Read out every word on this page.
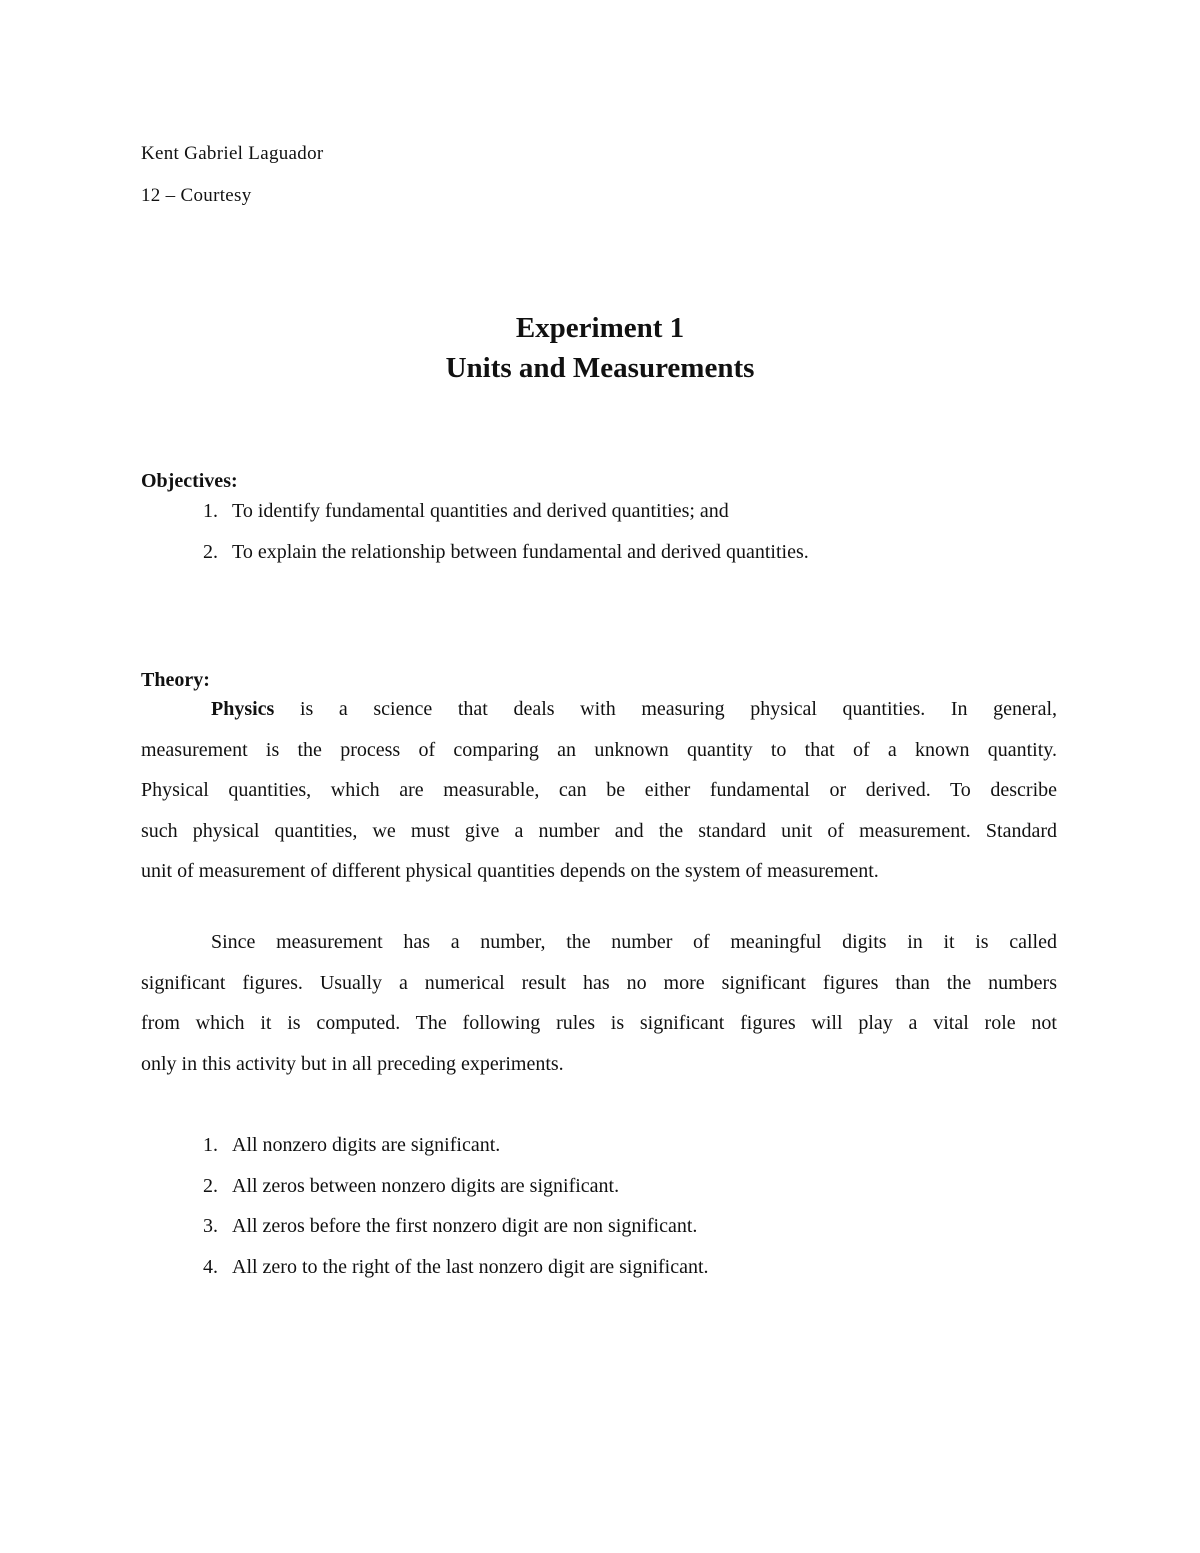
Kent Gabriel Laguador
12 – Courtesy
Experiment 1
Units and Measurements
Objectives:
1. To identify fundamental quantities and derived quantities; and
2. To explain the relationship between fundamental and derived quantities.
Theory:
Physics is a science that deals with measuring physical quantities. In general,
measurement is the process of comparing an unknown quantity to that of a known quantity.
Physical quantities, which are measurable, can be either fundamental or derived. To describe
such physical quantities, we must give a number and the standard unit of measurement. Standard
unit of measurement of different physical quantities depends on the system of measurement.
Since measurement has a number, the number of meaningful digits in it is called
significant figures. Usually a numerical result has no more significant figures than the numbers
from which it is computed. The following rules is significant figures will play a vital role not
only in this activity but in all preceding experiments.
1. All nonzero digits are significant.
2. All zeros between nonzero digits are significant.
3. All zeros before the first nonzero digit are non significant.
4. All zero to the right of the last nonzero digit are significant.
